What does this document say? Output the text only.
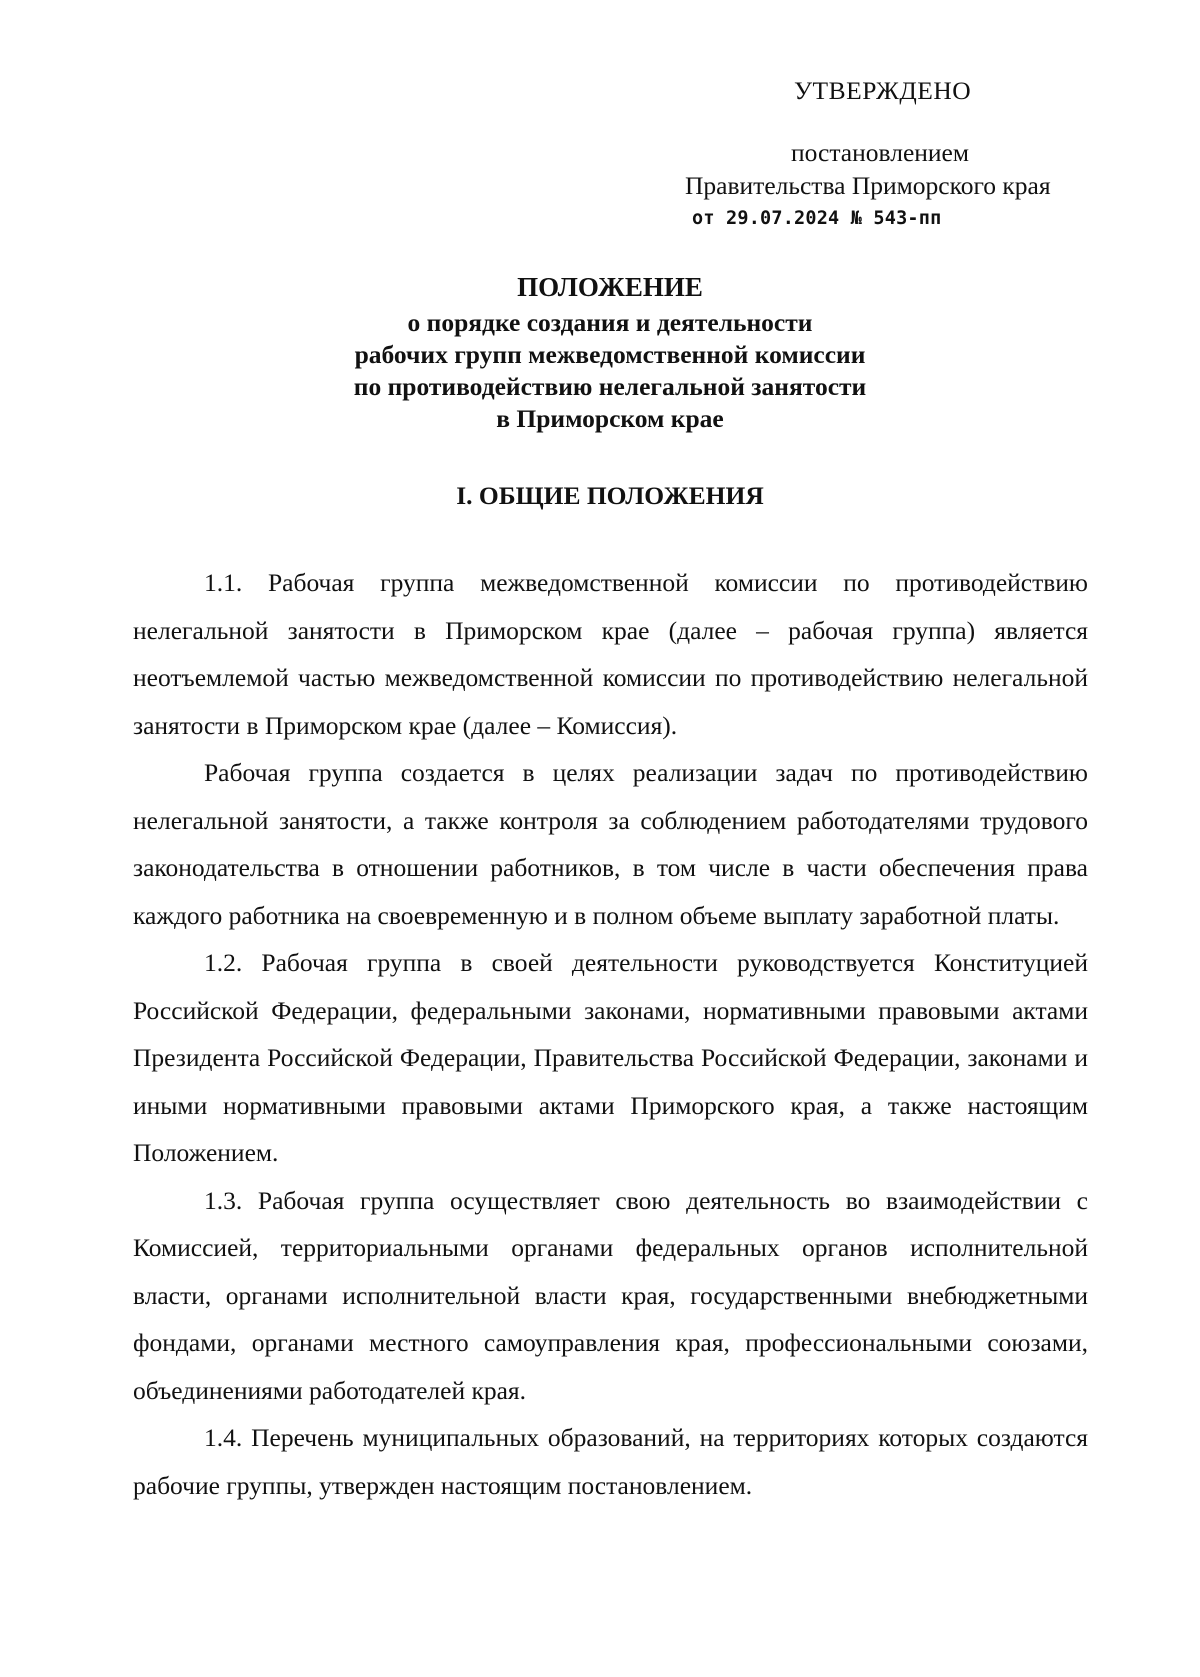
УТВЕРЖДЕНО
постановлением
Правительства Приморского края
от 29.07.2024 № 543-пп
ПОЛОЖЕНИЕ
о порядке создания и деятельности
рабочих групп межведомственной комиссии
по противодействию нелегальной занятости
в Приморском крае
I. ОБЩИЕ ПОЛОЖЕНИЯ

1.1. Рабочая группа межведомственной комиссии по противодействию нелегальной занятости в Приморском крае (далее – рабочая группа) является неотъемлемой частью межведомственной комиссии по противодействию нелегальной занятости в Приморском крае (далее – Комиссия).

Рабочая группа создается в целях реализации задач по противодействию нелегальной занятости, а также контроля за соблюдением работодателями трудового законодательства в отношении работников, в том числе в части обеспечения права каждого работника на своевременную и в полном объеме выплату заработной платы.

1.2. Рабочая группа в своей деятельности руководствуется Конституцией Российской Федерации, федеральными законами, нормативными правовыми актами Президента Российской Федерации, Правительства Российской Федерации, законами и иными нормативными правовыми актами Приморского края, а также настоящим Положением.

1.3. Рабочая группа осуществляет свою деятельность во взаимодействии с Комиссией, территориальными органами федеральных органов исполнительной власти, органами исполнительной власти края, государственными внебюджетными фондами, органами местного самоуправления края, профессиональными союзами, объединениями работодателей края.

1.4. Перечень муниципальных образований, на территориях которых создаются рабочие группы, утвержден настоящим постановлением.
